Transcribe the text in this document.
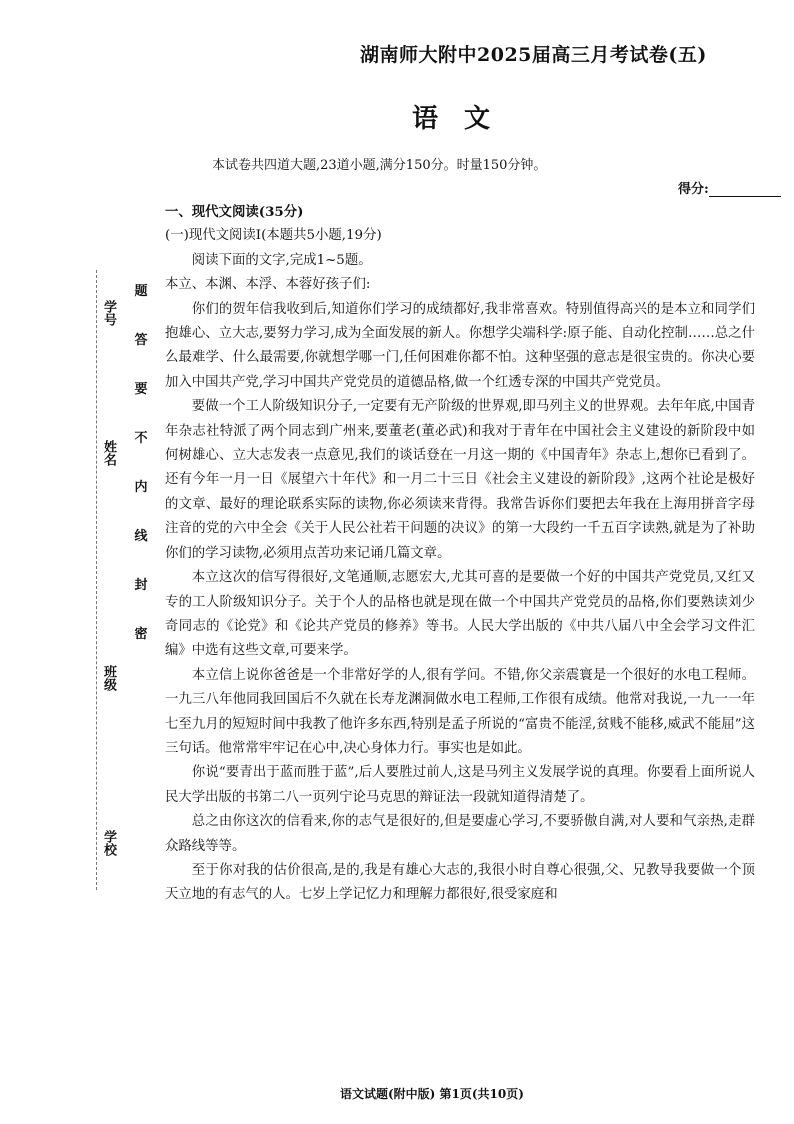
学号
姓名
班级
学校
题
答
要
不
内
线
封
密
湖南师大附中2025届高三月考试卷(五)
语文
本试卷共四道大题,23道小题,满分150分。时量150分钟。
得分:

一、现代文阅读(35分)

(一)现代文阅读Ⅰ(本题共5小题,19分)

阅读下面的文字,完成1~5题。

本立、本渊、本浮、本蓉好孩子们:

你们的贺年信我收到后,知道你们学习的成绩都好,我非常喜欢。特别值得高兴的是本立和同学们抱雄心、立大志,要努力学习,成为全面发展的新人。你想学尖端科学:原子能、自动化控制……总之什么最难学、什么最需要,你就想学哪一门,任何困难你都不怕。这种坚强的意志是很宝贵的。你决心要加入中国共产党,学习中国共产党党员的道德品格,做一个红透专深的中国共产党党员。

要做一个工人阶级知识分子,一定要有无产阶级的世界观,即马列主义的世界观。去年年底,中国青年杂志社特派了两个同志到广州来,要董老(董必武)和我对于青年在中国社会主义建设的新阶段中如何树雄心、立大志发表一点意见,我们的谈话登在一月这一期的《中国青年》杂志上,想你已看到了。还有今年一月一日《展望六十年代》和一月二十三日《社会主义建设的新阶段》,这两个社论是极好的文章、最好的理论联系实际的读物,你必须读来背得。我常告诉你们要把去年我在上海用拼音字母注音的党的六中全会《关于人民公社若干问题的决议》的第一大段约一千五百字读熟,就是为了补助你们的学习读物,必须用点苦功来记诵几篇文章。

本立这次的信写得很好,文笔通顺,志愿宏大,尤其可喜的是要做一个好的中国共产党党员,又红又专的工人阶级知识分子。关于个人的品格也就是现在做一个中国共产党党员的品格,你们要熟读刘少奇同志的《论党》和《论共产党员的修养》等书。人民大学出版的《中共八届八中全会学习文件汇编》中选有这些文章,可要来学。

本立信上说你爸爸是一个非常好学的人,很有学问。不错,你父亲震寰是一个很好的水电工程师。一九三八年他同我回国后不久就在长寿龙渊洞做水电工程师,工作很有成绩。他常对我说,一九一一年七至九月的短短时间中我教了他许多东西,特别是孟子所说的“富贵不能淫,贫贱不能移,威武不能屈”这三句话。他常常牢牢记在心中,决心身体力行。事实也是如此。

你说“要青出于蓝而胜于蓝”,后人要胜过前人,这是马列主义发展学说的真理。你要看上面所说人民大学出版的书第二八一页列宁论马克思的辩证法一段就知道得清楚了。

总之由你这次的信看来,你的志气是很好的,但是要虚心学习,不要骄傲自满,对人要和气亲热,走群众路线等等。

至于你对我的估价很高,是的,我是有雄心大志的,我很小时自尊心很强,父、兄教导我要做一个顶天立地的有志气的人。七岁上学记忆力和理解力都很好,很受家庭和

语文试题(附中版) 第1页(共10页)
